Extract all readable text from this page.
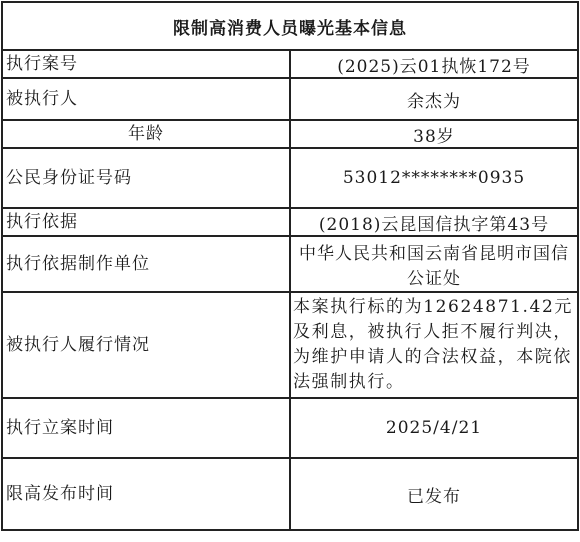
限制高消费人员曝光基本信息	
执行案号	(2025)云01执恢172号
被执行人	余杰为
年龄	38岁
公民身份证号码	53012********0935
执行依据	(2018)云昆国信执字第43号
执行依据制作单位	中华人民共和国云南省昆明市国信公证处
被执行人履行情况	本案执行标的为12624871.42元及利息，被执行人拒不履行判决，为维护申请人的合法权益，本院依法强制执行。
执行立案时间	2025/4/21
限高发布时间	已发布
